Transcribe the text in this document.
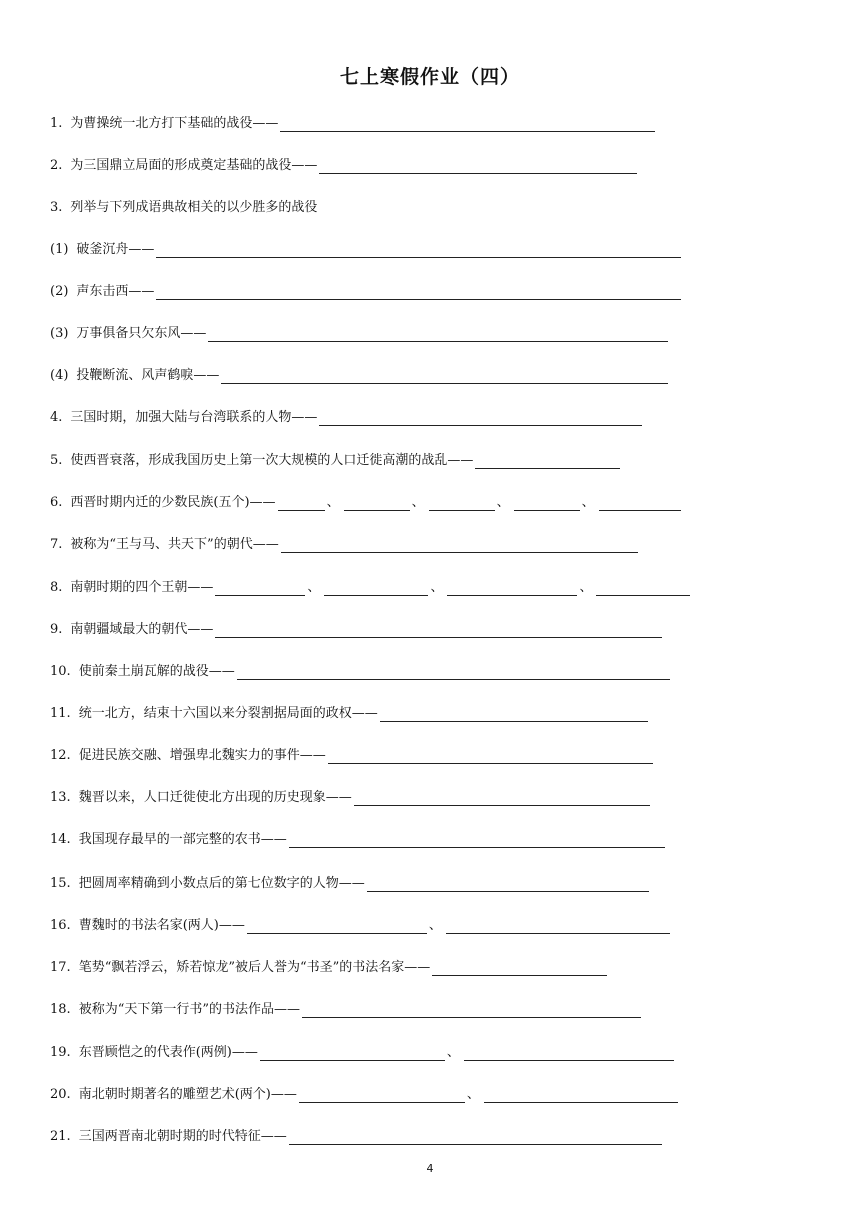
七上寒假作业（四）
1. 为曹操统一北方打下基础的战役——
2. 为三国鼎立局面的形成奠定基础的战役——
3. 列举与下列成语典故相关的以少胜多的战役
(1) 破釜沉舟——
(2) 声东击西——
(3) 万事俱备只欠东风——
(4) 投鞭断流、风声鹤唳——
4. 三国时期，加强大陆与台湾联系的人物——
5. 使西晋衰落，形成我国历史上第一次大规模的人口迁徙高潮的战乱——
6. 西晋时期内迁的少数民族(五个)——	、	、	、	、
7. 被称为“王与马、共天下”的朝代——
8. 南朝时期的四个王朝——	、	、	、
9. 南朝疆域最大的朝代——
10. 使前秦土崩瓦解的战役——
11. 统一北方，结束十六国以来分裂割据局面的政权——
12. 促进民族交融、增强卑北魏实力的事件——
13. 魏晋以来，人口迁徙使北方出现的历史现象——
14. 我国现存最早的一部完整的农书——
15. 把圆周率精确到小数点后的第七位数字的人物——
16. 曹魏时的书法名家(两人)——	、
17. 笔势“飘若浮云，矫若惊龙”被后人誉为“书圣”的书法名家——
18. 被称为“天下第一行书”的书法作品——
19. 东晋顾恺之的代表作(两例)——	、
20. 南北朝时期著名的雕塑艺术(两个)——	、
21. 三国两晋南北朝时期的时代特征——
4
